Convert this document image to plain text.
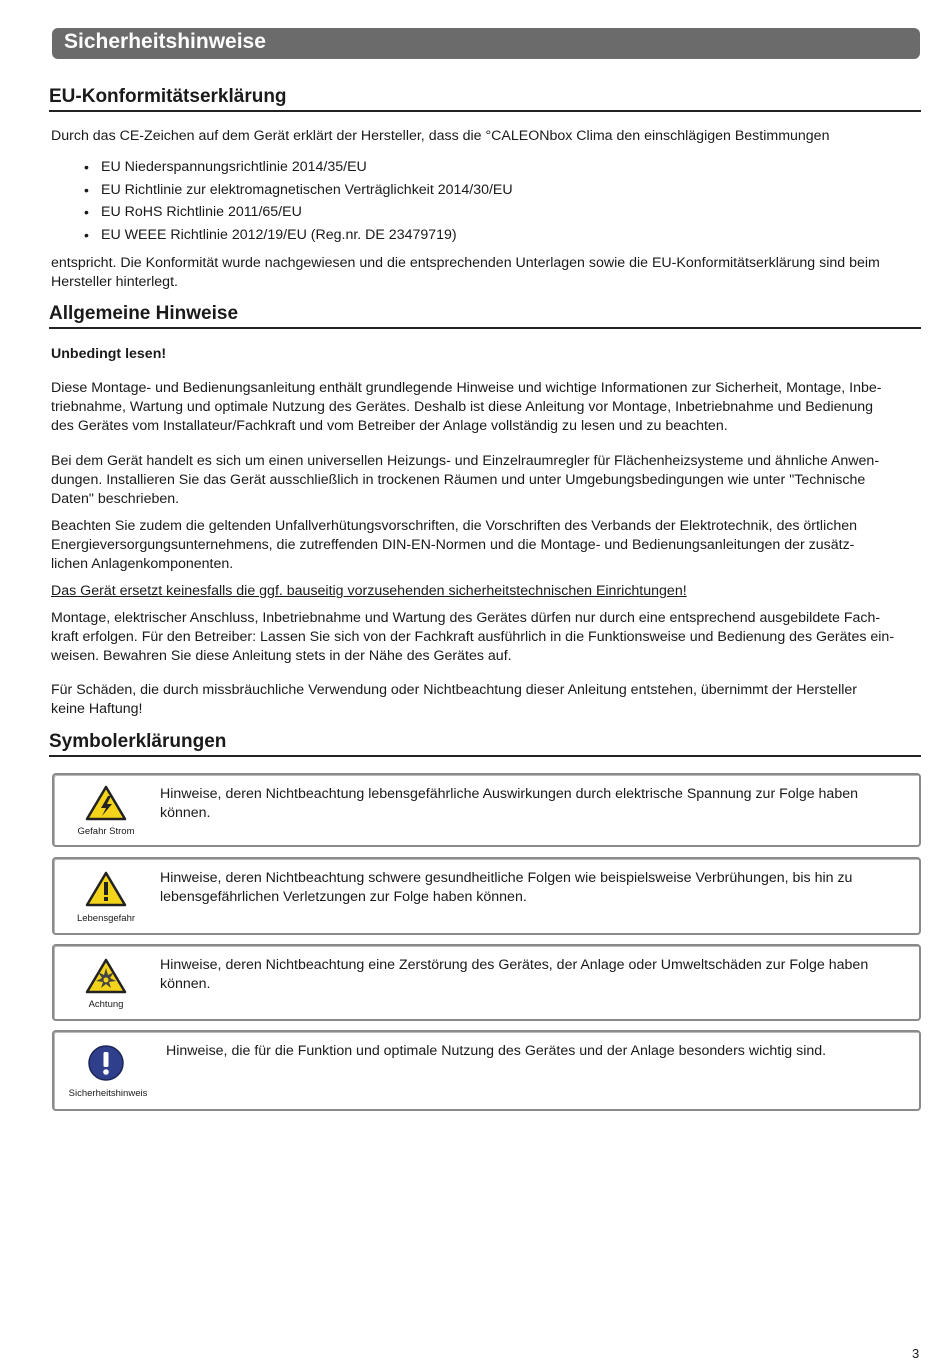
Sicherheitshinweise
EU-Konformitätserklärung

Durch das CE-Zeichen auf dem Gerät erklärt der Hersteller, dass die °CALEONbox Clima den einschlägigen Bestimmungen

• EU Niederspannungsrichtlinie 2014/35/EU
• EU Richtlinie zur elektromagnetischen Verträglichkeit 2014/30/EU
• EU RoHS Richtlinie 2011/65/EU
• EU WEEE Richtlinie 2012/19/EU (Reg.nr. DE 23479719)

entspricht. Die Konformität wurde nachgewiesen und die entsprechenden Unterlagen sowie die EU-Konformitätserklärung sind beim
Hersteller hinterlegt.

Allgemeine Hinweise

Unbedingt lesen!

Diese Montage- und Bedienungsanleitung enthält grundlegende Hinweise und wichtige Informationen zur Sicherheit, Montage, Inbe-
triebnahme, Wartung und optimale Nutzung des Gerätes. Deshalb ist diese Anleitung vor Montage, Inbetriebnahme und Bedienung
des Gerätes vom Installateur/Fachkraft und vom Betreiber der Anlage vollständig zu lesen und zu beachten.

Bei dem Gerät handelt es sich um einen universellen Heizungs- und Einzelraumregler für Flächenheizsysteme und ähnliche Anwen-
dungen. Installieren Sie das Gerät ausschließlich in trockenen Räumen und unter Umgebungsbedingungen wie unter "Technische
Daten" beschrieben.

Beachten Sie zudem die geltenden Unfallverhütungsvorschriften, die Vorschriften des Verbands der Elektrotechnik, des örtlichen
Energieversorgungsunternehmens, die zutreffenden DIN-EN-Normen und die Montage- und Bedienungsanleitungen der zusätz-
lichen Anlagenkomponenten.

Das Gerät ersetzt keinesfalls die ggf. bauseitig vorzusehenden sicherheitstechnischen Einrichtungen!

Montage, elektrischer Anschluss, Inbetriebnahme und Wartung des Gerätes dürfen nur durch eine entsprechend ausgebildete Fach-
kraft erfolgen. Für den Betreiber: Lassen Sie sich von der Fachkraft ausführlich in die Funktionsweise und Bedienung des Gerätes ein-
weisen. Bewahren Sie diese Anleitung stets in der Nähe des Gerätes auf.

Für Schäden, die durch missbräuchliche Verwendung oder Nichtbeachtung dieser Anleitung entstehen, übernimmt der Hersteller
keine Haftung!

Symbolerklärungen
Gefahr Strom

Hinweise, deren Nichtbeachtung lebensgefährliche Auswirkungen durch elektrische Spannung zur Folge haben
können.

Lebensgefahr

Hinweise, deren Nichtbeachtung schwere gesundheitliche Folgen wie beispielsweise Verbrühungen, bis hin zu
lebensgefährlichen Verletzungen zur Folge haben können.

Achtung

Hinweise, deren Nichtbeachtung eine Zerstörung des Gerätes, der Anlage oder Umweltschäden zur Folge haben
können.

Sicherheitshinweis

Hinweise, die für die Funktion und optimale Nutzung des Gerätes und der Anlage besonders wichtig sind.

3
